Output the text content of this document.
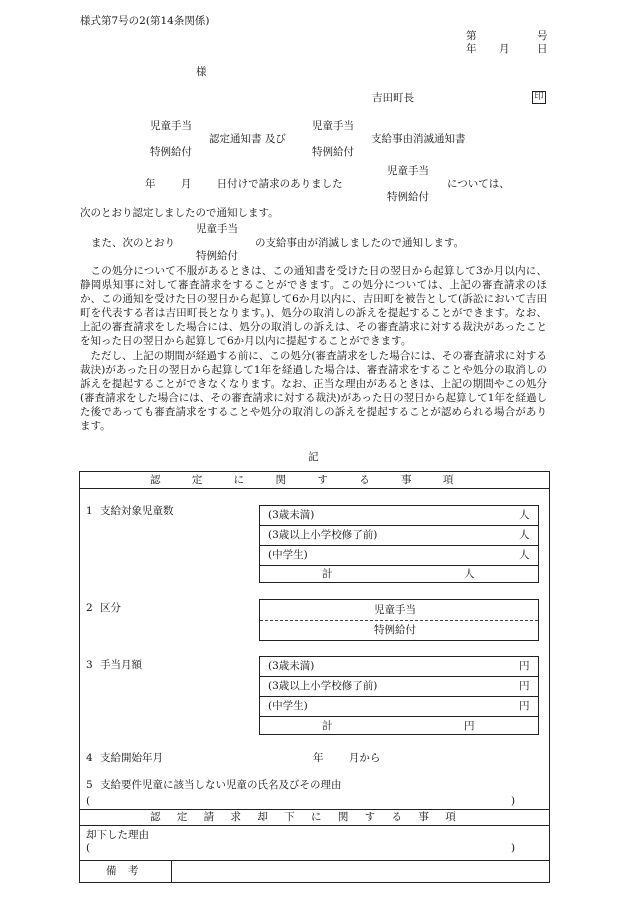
様式第7号の2(第14条関係)
第	号
年 月	日
様
吉田町長	印
児童手当
特例給付
認定通知書 及び
児童手当
特例給付
支給事由消滅通知書
児童手当
年 月 日付けで請求のありました	については、
特例給付
次のとおり認定しましたので通知します。
児童手当
また、次のとおり	の支給事由が消滅しましたので通知します。
特例給付

この処分について不服があるときは、この通知書を受けた日の翌日から起算して3か月以内に、静岡県知事に対して審査請求をすることができます。この処分については、上記の審査請求のほか、この通知を受けた日の翌日から起算して6か月以内に、吉田町を被告として(訴訟において吉田町を代表する者は吉田町長となります。)、処分の取消しの訴えを提起することができます。なお、上記の審査請求をした場合には、処分の取消しの訴えは、その審査請求に対する裁決があったことを知った日の翌日から起算して6か月以内に提起することができます。

ただし、上記の期間が経過する前に、この処分(審査請求をした場合には、その審査請求に対する裁決)があった日の翌日から起算して1年を経過した場合は、審査請求をすることや処分の取消しの訴えを提起することができなくなります。なお、正当な理由があるときは、上記の期間やこの処分(審査請求をした場合には、その審査請求に対する裁決)があった日の翌日から起算して1年を経過した後であっても審査請求をすることや処分の取消しの訴えを提起することが認められる場合があります。

記
認 定 に 関 す る 事 項
1 支給対象児童数	(3歳未満)	人
(3歳以上小学校修了前)	人
(中学生)	人
計	人
2 区分	児童手当
特例給付
3 手当月額	(3歳未満)	円
(3歳以上小学校修了前)	円
(中学生)	円
計	円
4 支給開始年月	年 月から
5 支給要件児童に該当しない児童の氏名及びその理由
(	)
認 定 請 求 却 下 に 関 す る 事 項
却下した理由
(	)
備 考
